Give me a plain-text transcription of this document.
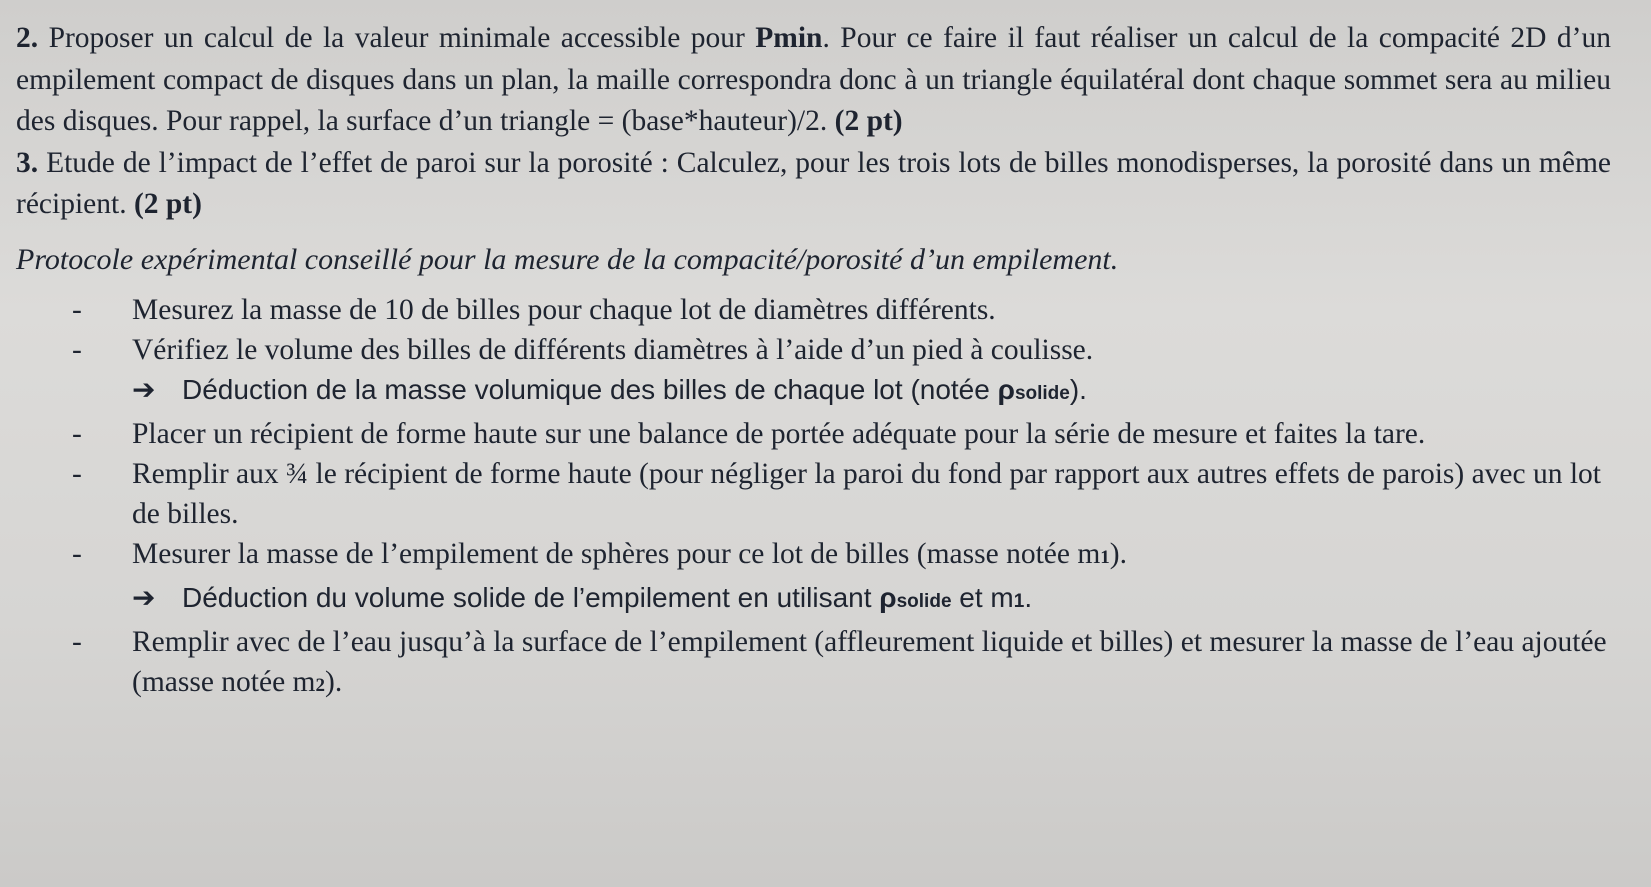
2. Proposer un calcul de la valeur minimale accessible pour Pmin. Pour ce faire il faut réaliser un calcul de la compacité 2D d’un empilement compact de disques dans un plan, la maille correspondra donc à un triangle équilatéral dont chaque sommet sera au milieu des disques. Pour rappel, la surface d’un triangle = (base*hauteur)/2. (2 pt)

3. Etude de l’impact de l’effet de paroi sur la porosité : Calculez, pour les trois lots de billes monodisperses, la porosité dans un même récipient. (2 pt)

Protocole expérimental conseillé pour la mesure de la compacité/porosité d’un empilement.

- Mesurez la masse de 10 de billes pour chaque lot de diamètres différents.
- Vérifiez le volume des billes de différents diamètres à l’aide d’un pied à coulisse.
➔ Déduction de la masse volumique des billes de chaque lot (notée ρsolide).
- Placer un récipient de forme haute sur une balance de portée adéquate pour la série de mesure et faites la tare.
- Remplir aux ¾ le récipient de forme haute (pour négliger la paroi du fond par rapport aux autres effets de parois) avec un lot de billes.
- Mesurer la masse de l’empilement de sphères pour ce lot de billes (masse notée m1).
➔ Déduction du volume solide de l’empilement en utilisant ρsolide et m1.
- Remplir avec de l’eau jusqu’à la surface de l’empilement (affleurement liquide et billes) et mesurer la masse de l’eau ajoutée (masse notée m2).
